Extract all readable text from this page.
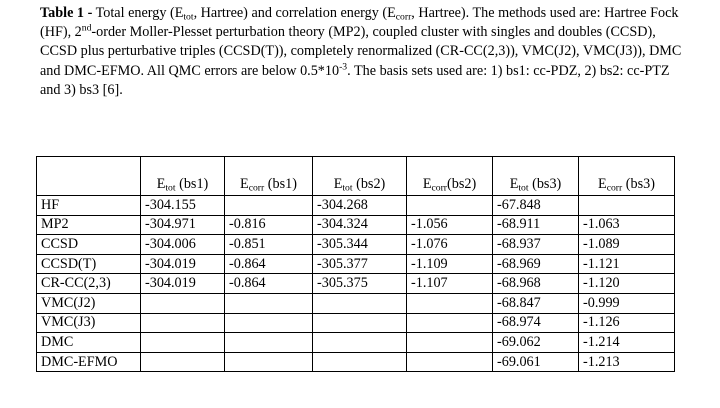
Table 1 - Total energy ($E_{tot}$, Hartree) and correlation energy ($E_{corr}$, Hartree). The methods used are: Hartree Fock (HF), 2nd-order Moller-Plesset perturbation theory (MP2), coupled cluster with singles and doubles (CCSD), CCSD plus perturbative triples (CCSD(T)), completely renormalized (CR-CC(2,3)), VMC(J2), VMC(J3)), DMC and DMC-EFMO. All QMC errors are below $0.5*10^{-3}$. The basis sets used are: 1) bs1: cc-PDZ, 2) bs2: cc-PTZ and 3) bs3 [6].
	$E_{tot}$ (bs1)	$E_{corr}$ (bs1)	$E_{tot}$ (bs2)	$E_{corr}(bs2)$	$E_{tot}$ (bs3)	$E_{corr}$ (bs3)
HF	-304.155		-304.268		-67.848	
MP2	-304.971	-0.816	-304.324	-1.056	-68.911	-1.063
CCSD	-304.006	-0.851	-305.344	-1.076	-68.937	-1.089
CCSD(T)	-304.019	-0.864	-305.377	-1.109	-68.969	-1.121
CR-CC(2,3)	-304.019	-0.864	-305.375	-1.107	-68.968	-1.120
VMC(J2)					-68.847	-0.999
VMC(J3)					-68.974	-1.126
DMC					-69.062	-1.214
DMC-EFMO					-69.061	-1.213
